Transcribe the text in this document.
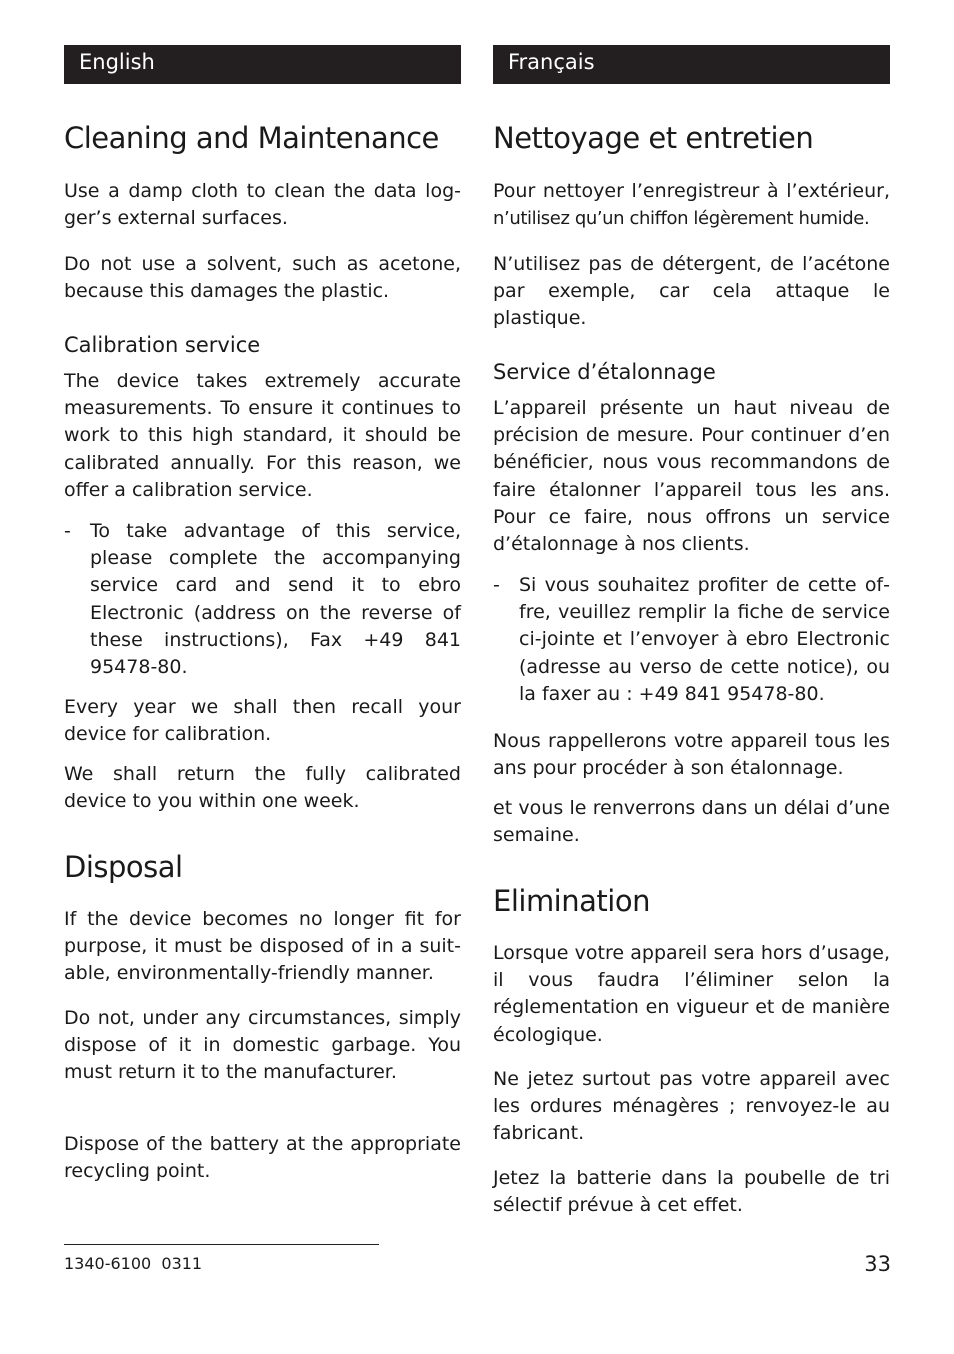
English
Cleaning and Maintenance

Use a damp cloth to clean the data logger’s external surfaces.

Do not use a solvent, such as acetone, because this damages the plastic.

Calibration service

The device takes extremely accurate measurements. To ensure it continues to work to this high standard, it should be calibrated annually. For this reason, we offer a calibration service.

- To take advantage of this service, please complete the accompanying service card and send it to ebro Electronic (address on the reverse of these instructions), Fax +49 841 95478-80.

Every year we shall then recall your device for calibration.

We shall return the fully calibrated device to you within one week.

Disposal

If the device becomes no longer fit for purpose, it must be disposed of in a suitable, environmentally-friendly manner.

Do not, under any circumstances, simply dispose of it in domestic garbage. You must return it to the manufacturer.

Dispose of the battery at the appropriate recycling point.

Français
Nettoyage et entretien

Pour nettoyer l’enregistreur à l’extérieur,

n’utilisez qu’un chiffon légèrement humide.

N’utilisez pas de détergent, de l’acétone par exemple, car cela attaque le plastique.

Service d’étalonnage

L’appareil présente un haut niveau de précision de mesure. Pour continuer d’en bénéficier, nous vous recommandons de faire étalonner l’appareil tous les ans. Pour ce faire, nous offrons un service d’étalonnage à nos clients.

- Si vous souhaitez profiter de cette offre, veuillez remplir la fiche de service ci-jointe et l’envoyer à ebro Electronic (adresse au verso de cette notice), ou la faxer au : +49 841 95478-80.

Nous rappellerons votre appareil tous les ans pour procéder à son étalonnage.

et vous le renverrons dans un délai d’une semaine.

Elimination

Lorsque votre appareil sera hors d’usage, il vous faudra l’éliminer selon la réglementation en vigueur et de manière écologique.

Ne jetez surtout pas votre appareil avec les ordures ménagères ; renvoyez-le au fabricant.

Jetez la batterie dans la poubelle de tri sélectif prévue à cet effet.

1340-6100  0311	33
